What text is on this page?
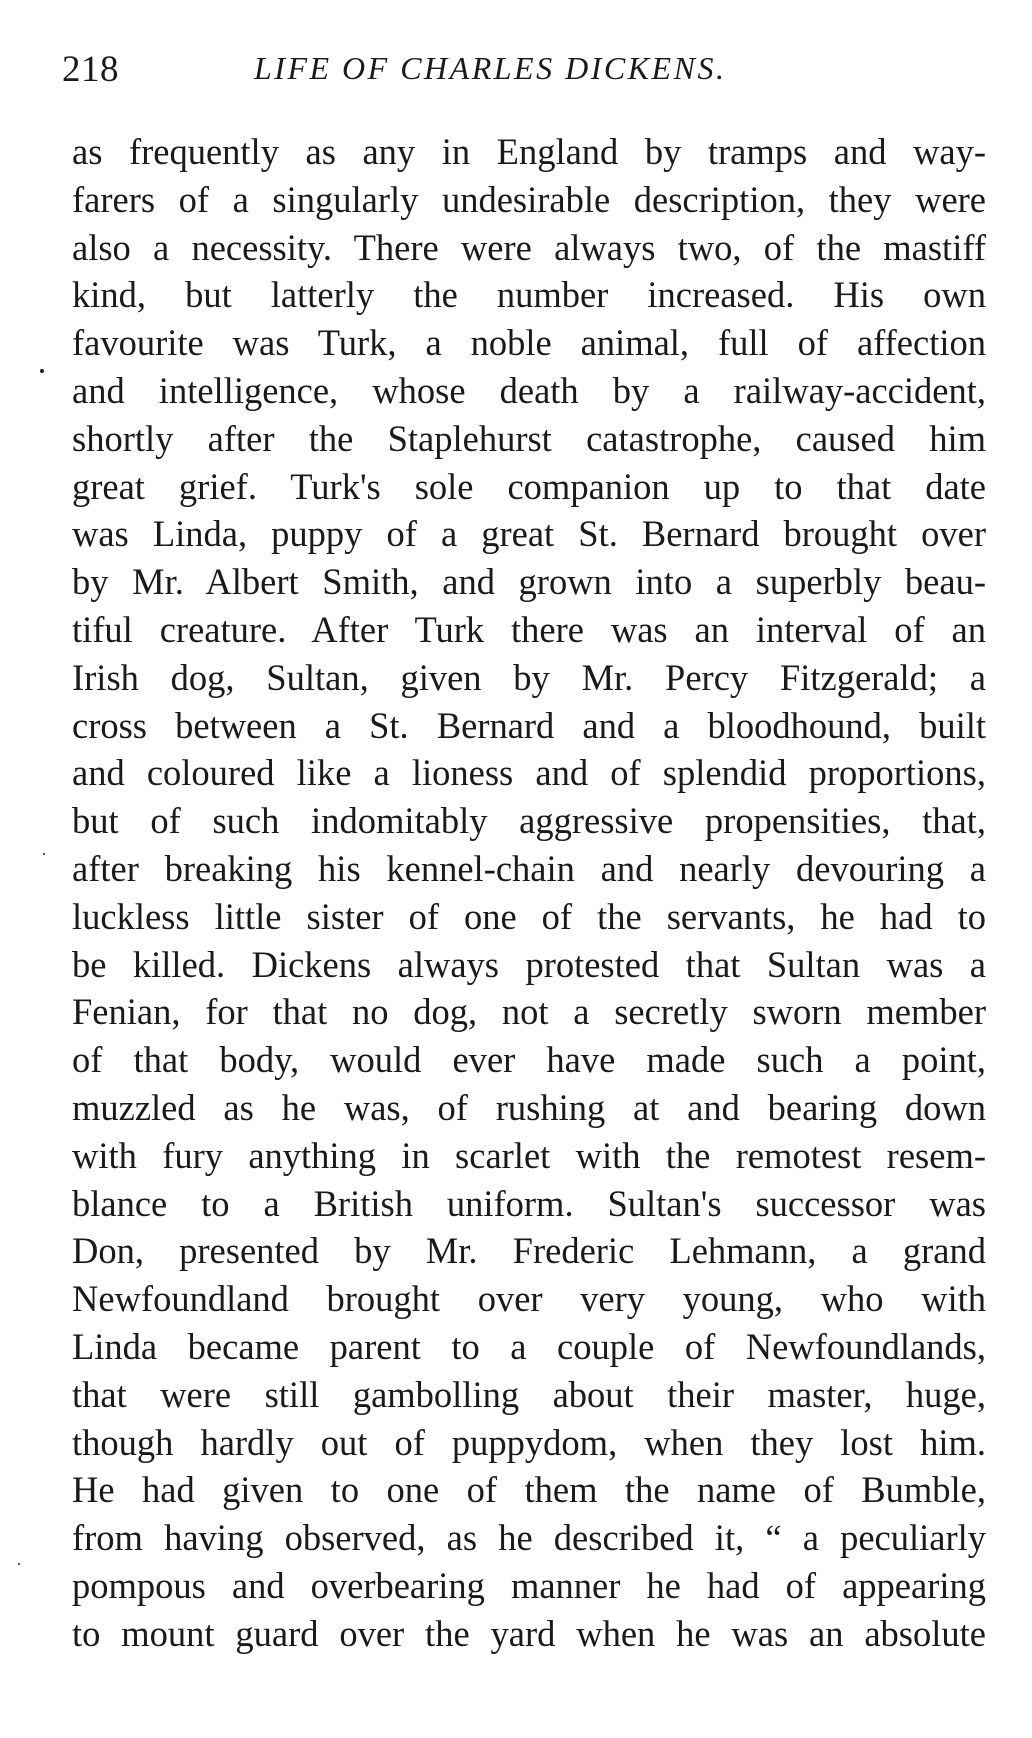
218	LIFE OF CHARLES DICKENS.
as frequently as any in England by tramps and way-
farers of a singularly undesirable description, they were
also a necessity. There were always two, of the mastiff
kind, but latterly the number increased. His own
favourite was Turk, a noble animal, full of affection
and intelligence, whose death by a railway-accident,
shortly after the Staplehurst catastrophe, caused him
great grief. Turk's sole companion up to that date
was Linda, puppy of a great St. Bernard brought over
by Mr. Albert Smith, and grown into a superbly beau-
tiful creature. After Turk there was an interval of an
Irish dog, Sultan, given by Mr. Percy Fitzgerald; a
cross between a St. Bernard and a bloodhound, built
and coloured like a lioness and of splendid proportions,
but of such indomitably aggressive propensities, that,
after breaking his kennel-chain and nearly devouring a
luckless little sister of one of the servants, he had to
be killed. Dickens always protested that Sultan was a
Fenian, for that no dog, not a secretly sworn member
of that body, would ever have made such a point,
muzzled as he was, of rushing at and bearing down
with fury anything in scarlet with the remotest resem-
blance to a British uniform. Sultan's successor was
Don, presented by Mr. Frederic Lehmann, a grand
Newfoundland brought over very young, who with
Linda became parent to a couple of Newfoundlands,
that were still gambolling about their master, huge,
though hardly out of puppydom, when they lost him.
He had given to one of them the name of Bumble,
from having observed, as he described it, “ a peculiarly
pompous and overbearing manner he had of appearing
to mount guard over the yard when he was an absolute
